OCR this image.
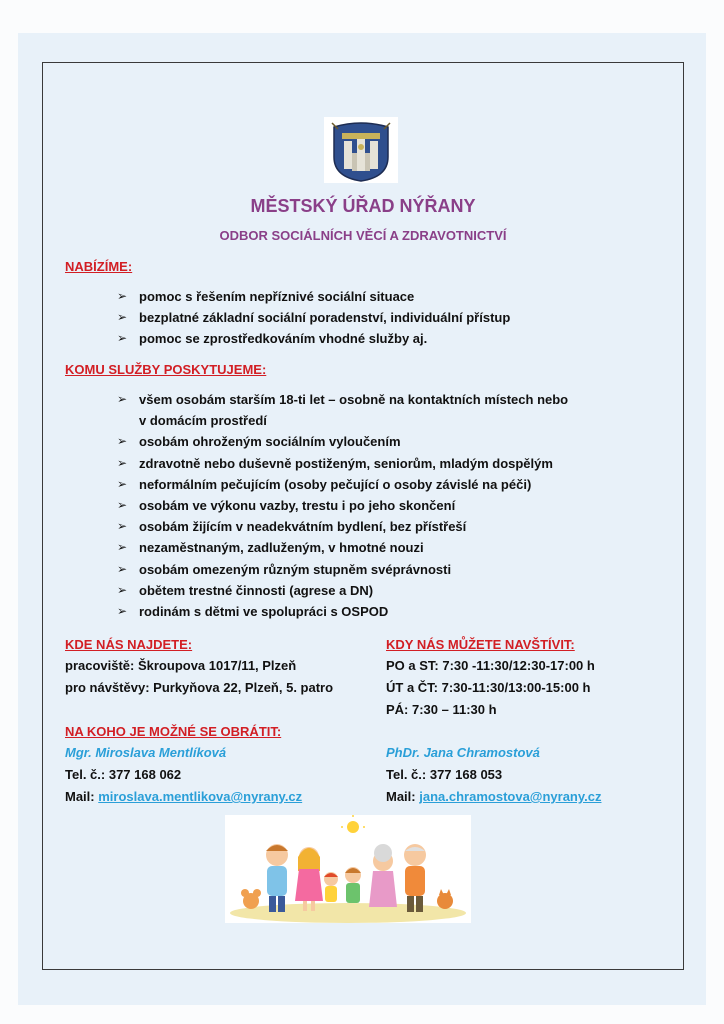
MĚSTSKÝ ÚŘAD NÝŘANY
ODBOR SOCIÁLNÍCH VĚCÍ A ZDRAVOTNICTVÍ
NABÍZÍME:
➢ pomoc s řešením nepříznivé sociální situace
➢ bezplatné základní sociální poradenství, individuální přístup
➢ pomoc se zprostředkováním vhodné služby aj.
KOMU SLUŽBY POSKYTUJEME:
➢ všem osobám starším 18-ti let – osobně na kontaktních místech nebo
v domácím prostředí
➢ osobám ohroženým sociálním vyloučením
➢ zdravotně nebo duševně postiženým, seniorům, mladým dospělým
➢ neformálním pečujícím (osoby pečující o osoby závislé na péči)
➢ osobám ve výkonu vazby, trestu i po jeho skončení
➢ osobám žijícím v neadekvátním bydlení, bez přístřeší
➢ nezaměstnaným, zadluženým, v hmotné nouzi
➢ osobám omezeným různým stupněm svéprávnosti
➢ obětem trestné činnosti (agrese a DN)
➢ rodinám s dětmi ve spolupráci s OSPOD
KDE NÁS NAJDETE:
pracoviště: Škroupova 1017/11, Plzeň
pro návštěvy: Purkyňova 22, Plzeň, 5. patro
KDY NÁS MŮŽETE NAVŠTÍVIT:
PO a ST: 7:30 -11:30/12:30-17:00 h
ÚT a ČT: 7:30-11:30/13:00-15:00 h
PÁ: 7:30 – 11:30 h
NA KOHO JE MOŽNÉ SE OBRÁTIT:
Mgr. Miroslava Mentlíková
Tel. č.: 377 168 062
Mail: miroslava.mentlikova@nyrany.cz
PhDr. Jana Chramostová
Tel. č.: 377 168 053
Mail: jana.chramostova@nyrany.cz
